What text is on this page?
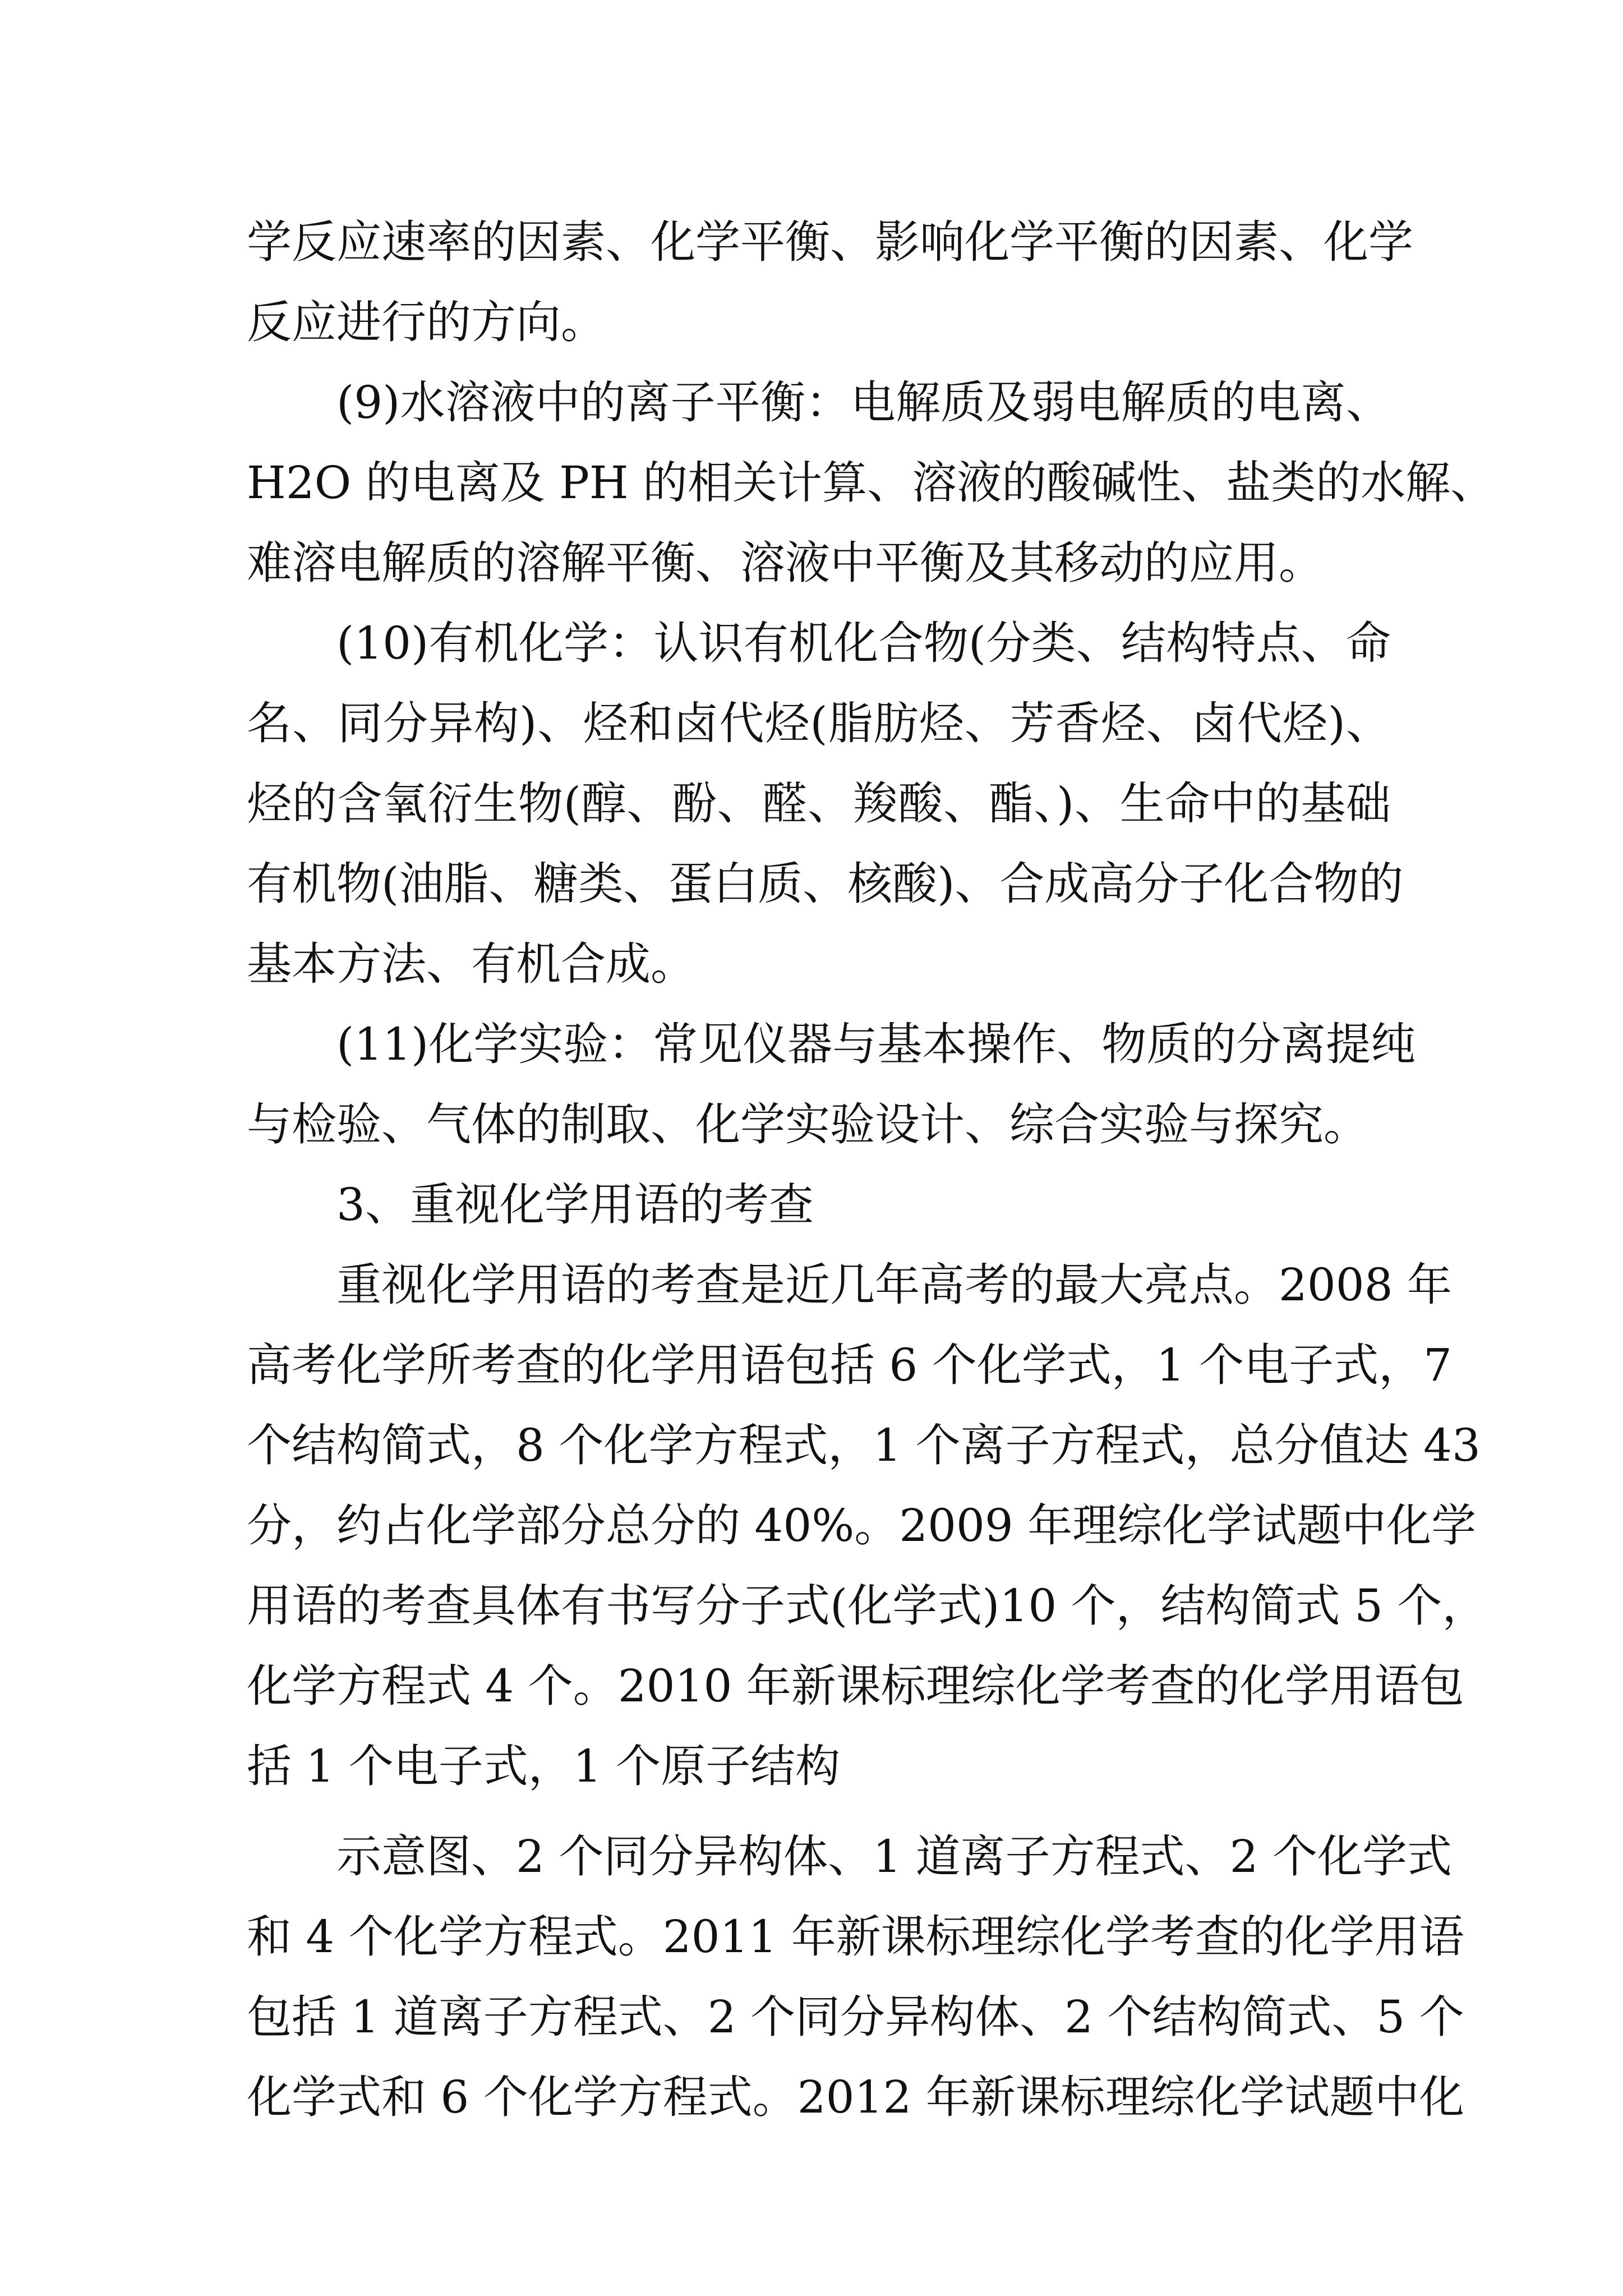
学反应速率的因素、化学平衡、影响化学平衡的因素、化学
反应进行的方向。
(9)水溶液中的离子平衡：电解质及弱电解质的电离、
H2O 的电离及 PH 的相关计算、溶液的酸碱性、盐类的水解、
难溶电解质的溶解平衡、溶液中平衡及其移动的应用。
(10)有机化学：认识有机化合物(分类、结构特点、命
名、同分异构)、烃和卤代烃(脂肪烃、芳香烃、卤代烃)、
烃的含氧衍生物(醇、酚、醛、羧酸、酯、)、生命中的基础
有机物(油脂、糖类、蛋白质、核酸)、合成高分子化合物的
基本方法、有机合成。
(11)化学实验：常见仪器与基本操作、物质的分离提纯
与检验、气体的制取、化学实验设计、综合实验与探究。
3、重视化学用语的考查
重视化学用语的考查是近几年高考的最大亮点。2008 年
高考化学所考查的化学用语包括 6 个化学式，1 个电子式，7
个结构简式，8 个化学方程式，1 个离子方程式，总分值达 43
分，约占化学部分总分的 40%。2009 年理综化学试题中化学
用语的考查具体有书写分子式(化学式)10 个，结构简式 5 个，
化学方程式 4 个。2010 年新课标理综化学考查的化学用语包
括 1 个电子式，1 个原子结构
示意图、2 个同分异构体、1 道离子方程式、2 个化学式
和 4 个化学方程式。2011 年新课标理综化学考查的化学用语
包括 1 道离子方程式、2 个同分异构体、2 个结构简式、5 个
化学式和 6 个化学方程式。2012 年新课标理综化学试题中化
